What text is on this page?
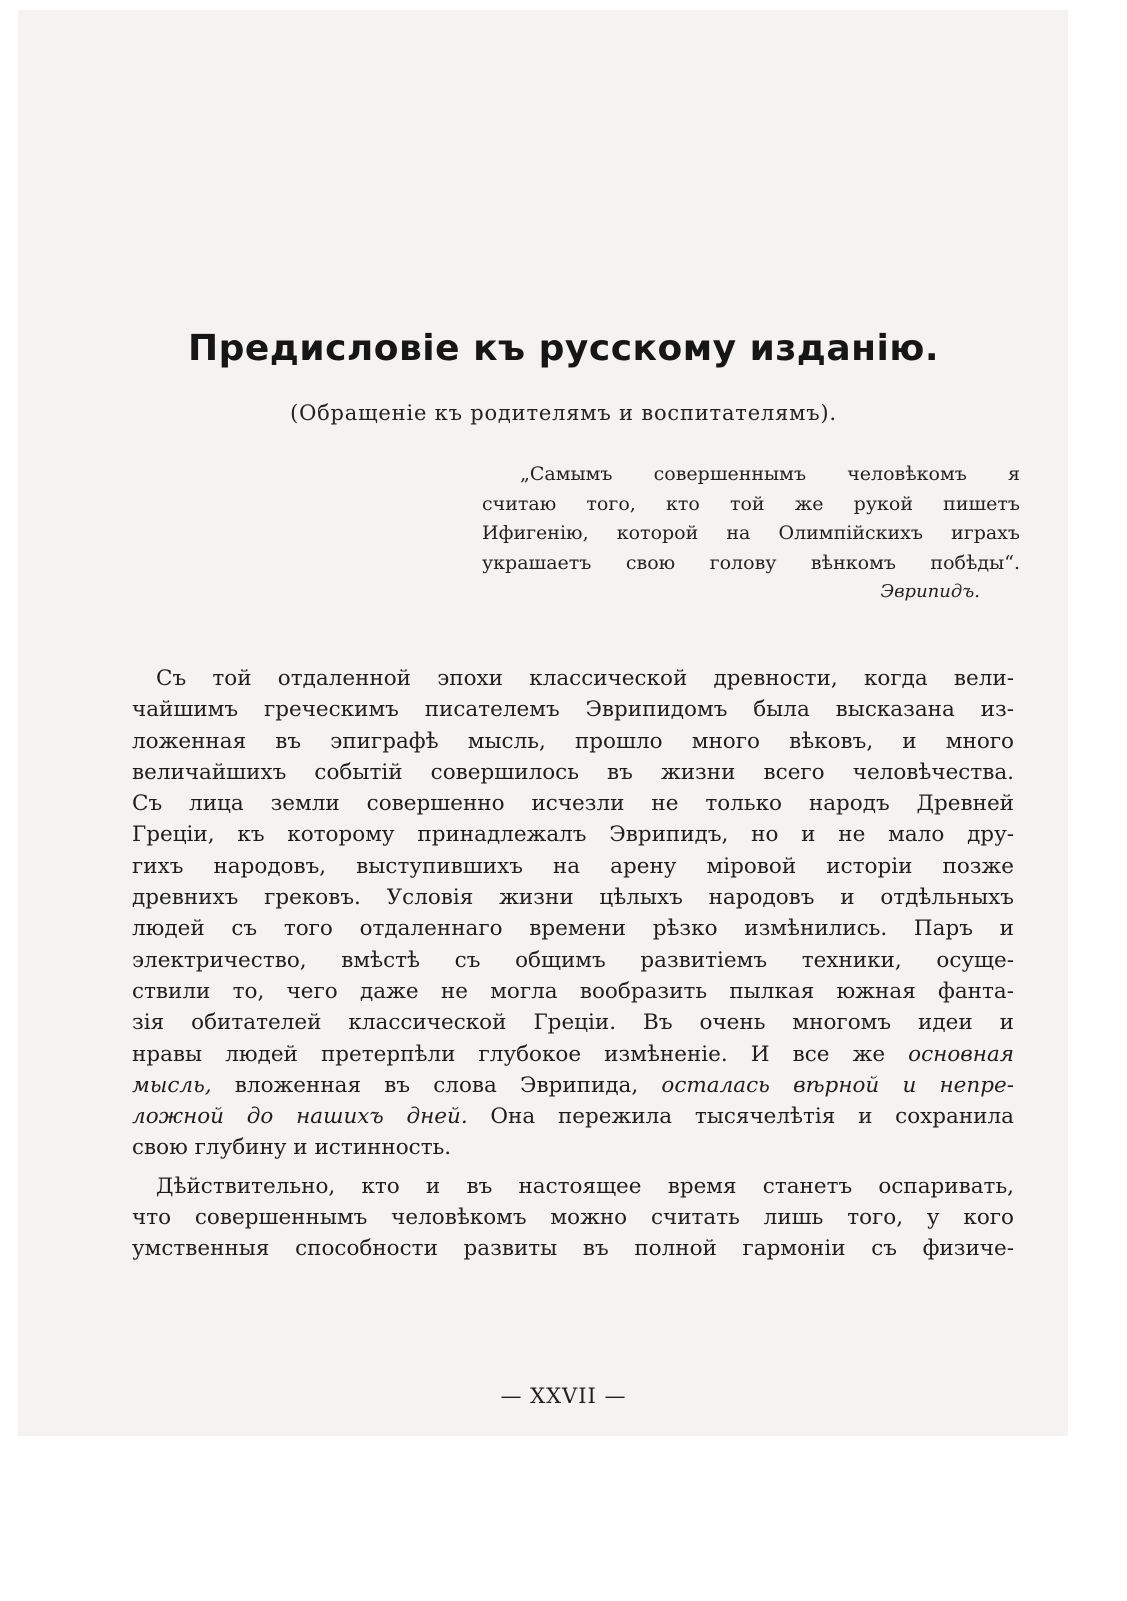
Предисловіе къ русскому изданію.

(Обращеніе къ родителямъ и воспитателямъ).

„Самымъ совершеннымъ человѣкомъ я
считаю того, кто той же рукой пишетъ
Ифигенію, которой на Олимпійскихъ играхъ
украшаетъ свою голову вѣнкомъ побѣды“.
Эврипидъ.
Съ той отдаленной эпохи классической древности, когда вели-
чайшимъ греческимъ писателемъ Эврипидомъ была высказана из-
ложенная въ эпиграфѣ мысль, прошло много вѣковъ, и много
величайшихъ событій совершилось въ жизни всего человѣчества.
Съ лица земли совершенно исчезли не только народъ Древней
Греціи, къ которому принадлежалъ Эврипидъ, но и не мало дру-
гихъ народовъ, выступившихъ на арену міровой исторіи позже
древнихъ грековъ. Условія жизни цѣлыхъ народовъ и отдѣльныхъ
людей съ того отдаленнаго времени рѣзко измѣнились. Паръ и
электричество, вмѣстѣ съ общимъ развитіемъ техники, осуще-
ствили то, чего даже не могла вообразить пылкая южная фанта-
зія обитателей классической Греціи. Въ очень многомъ идеи и
нравы людей претерпѣли глубокое измѣненіе. И все же основная
мысль, вложенная въ слова Эврипида, осталась вѣрной и непре-
ложной до нашихъ дней. Она пережила тысячелѣтія и сохранила
свою глубину и истинность.
Дѣйствительно, кто и въ настоящее время станетъ оспаривать,
что совершеннымъ человѣкомъ можно считать лишь того, у кого
умственныя способности развиты въ полной гармоніи съ физиче-

— XXVII —
